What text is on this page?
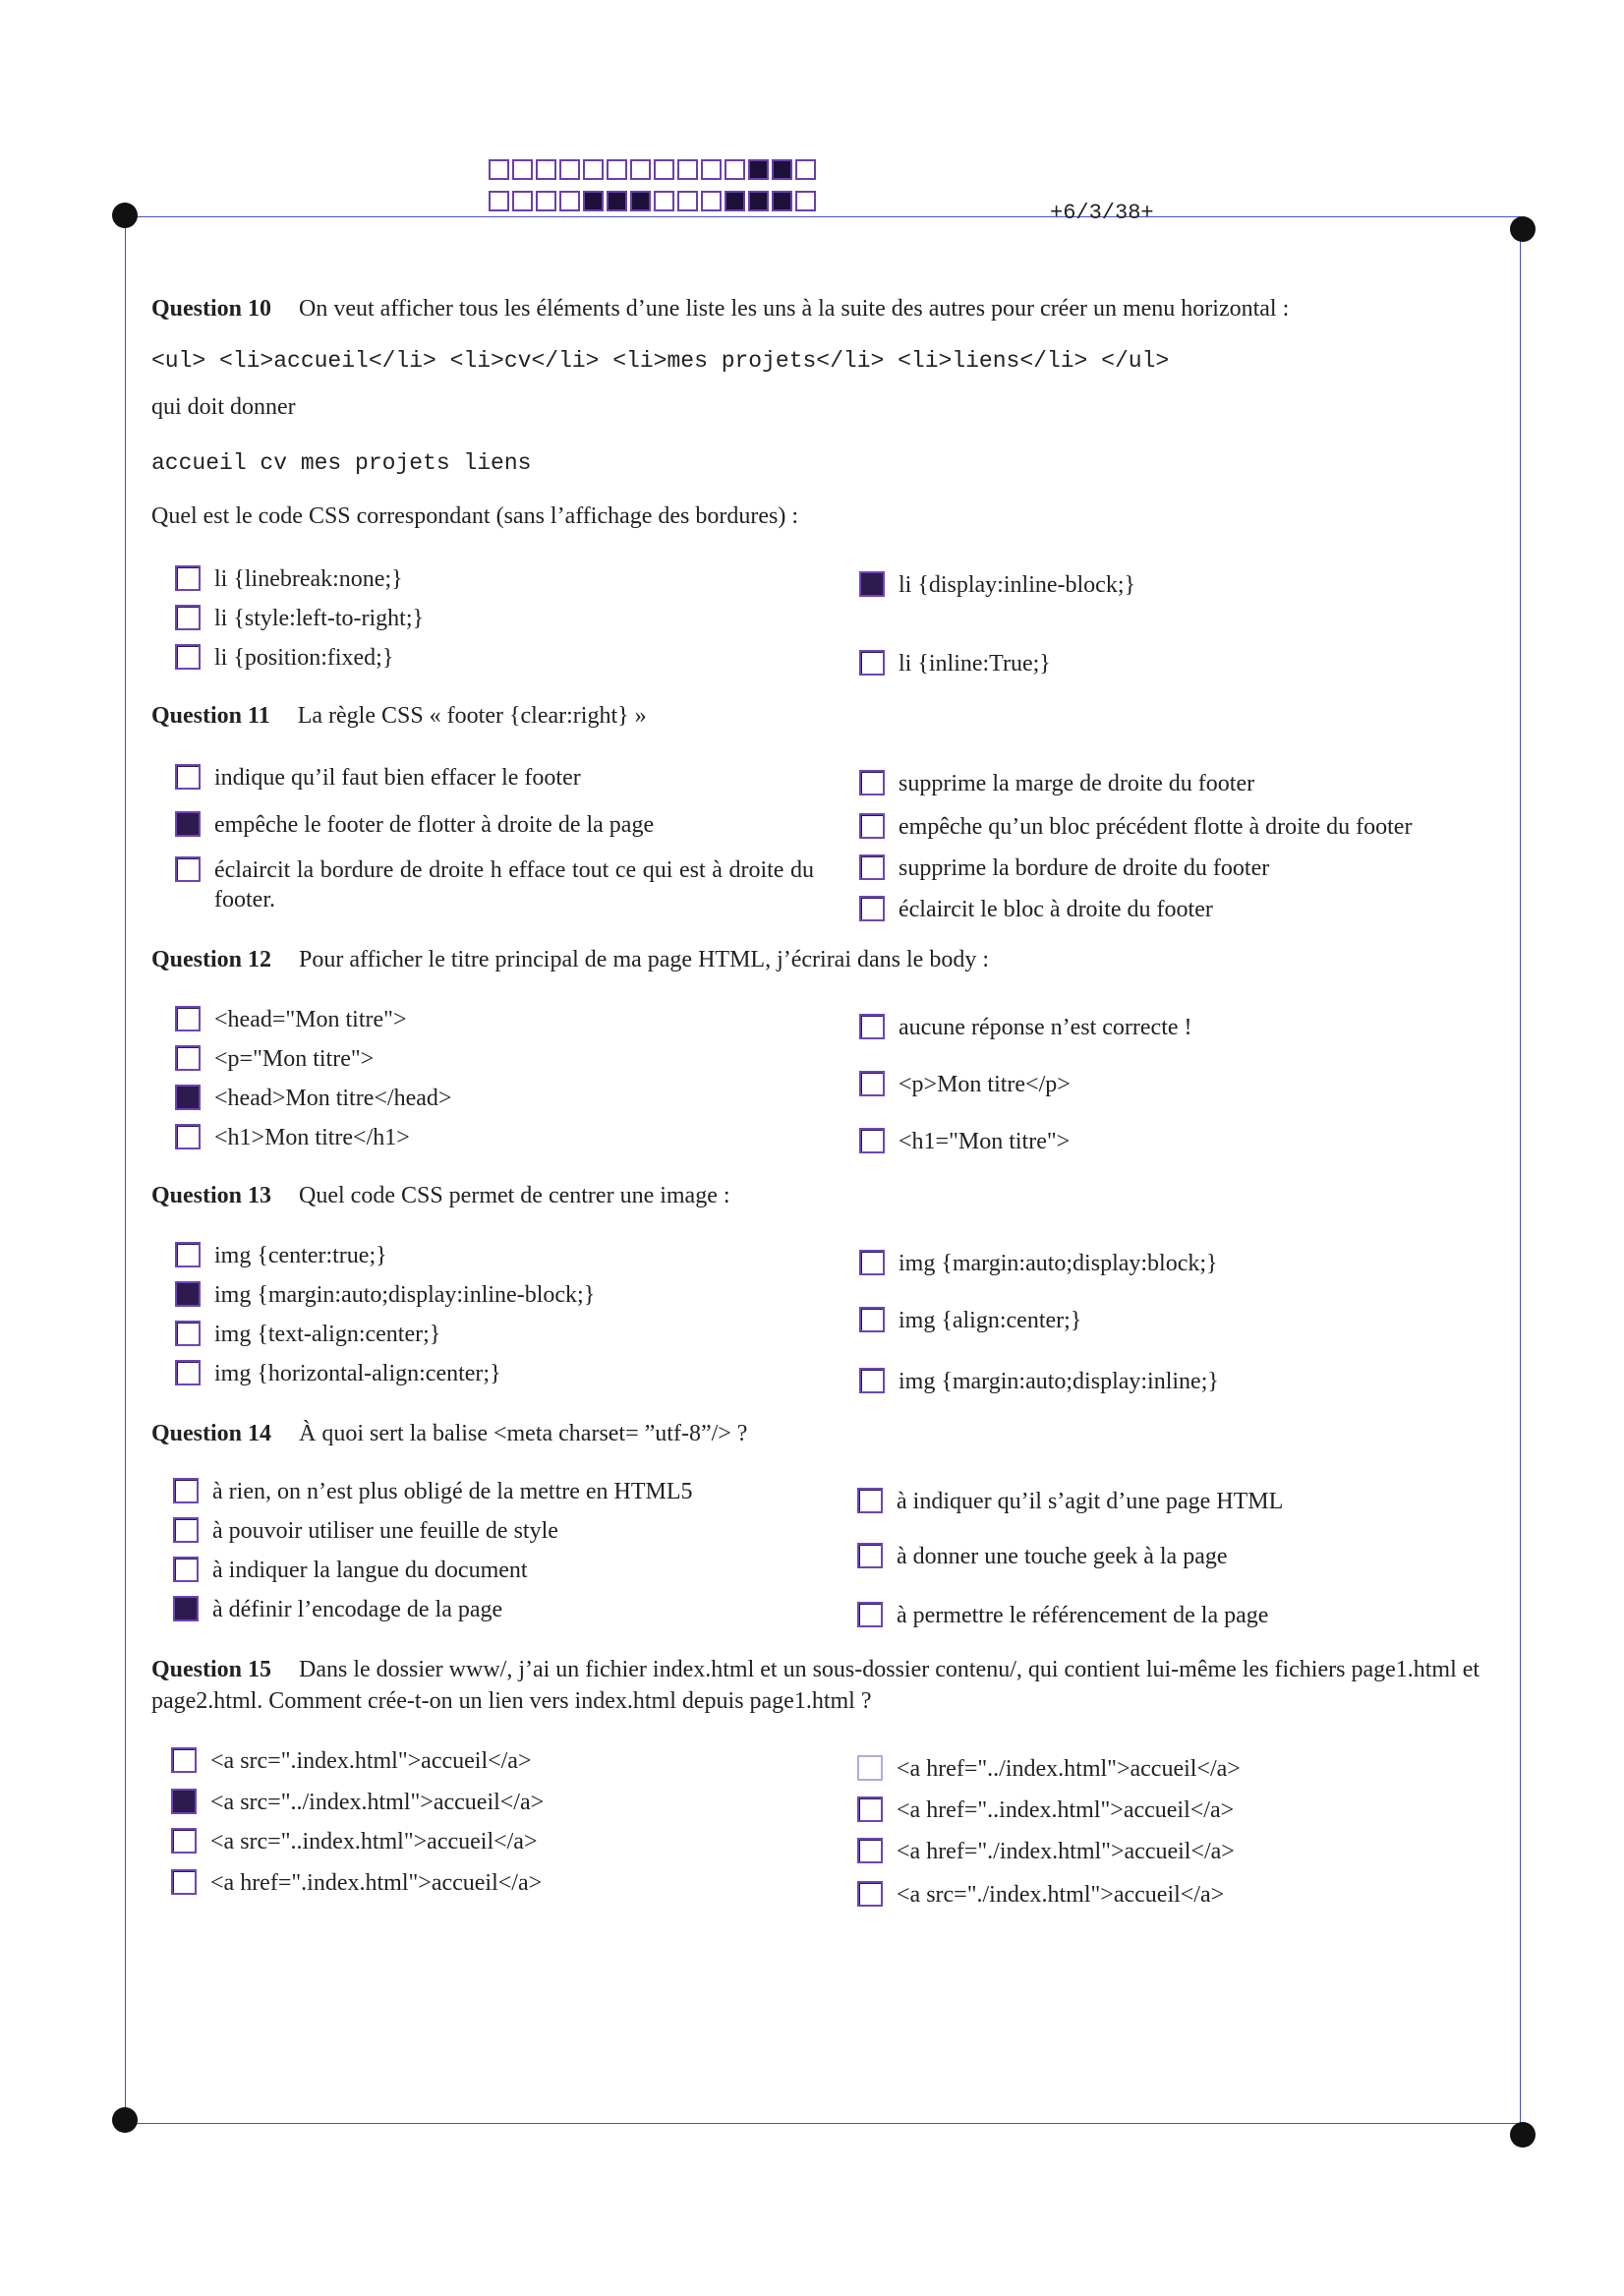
+6/3/38+
Question 10 On veut afficher tous les éléments d’une liste les uns à la suite des autres pour créer un menu horizontal :
<ul> <li>accueil</li> <li>cv</li> <li>mes projets</li> <li>liens</li> </ul>
qui doit donner
accueil cv mes projets liens
Quel est le code CSS correspondant (sans l’affichage des bordures) :
li {linebreak:none;}
li {style:left-to-right;}
li {position:fixed;}
li {display:inline-block;}
li {inline:True;}
Question 11 La règle CSS « footer {clear:right} »
indique qu’il faut bien effacer le footer
empêche le footer de flotter à droite de la page
éclaircit la bordure de droite h efface tout ce qui est à droite du footer.
supprime la marge de droite du footer
empêche qu’un bloc précédent flotte à droite du footer
supprime la bordure de droite du footer
éclaircit le bloc à droite du footer
Question 12 Pour afficher le titre principal de ma page HTML, j’écrirai dans le body :
<head="Mon titre">
<p="Mon titre">
<head>Mon titre</head>
<h1>Mon titre</h1>
aucune réponse n’est correcte !
<p>Mon titre</p>
<h1="Mon titre">
Question 13 Quel code CSS permet de centrer une image :
img {center:true;}
img {margin:auto;display:inline-block;}
img {text-align:center;}
img {horizontal-align:center;}
img {margin:auto;display:block;}
img {align:center;}
img {margin:auto;display:inline;}
Question 14 À quoi sert la balise <meta charset= ”utf-8”/> ?
à rien, on n’est plus obligé de la mettre en HTML5
à pouvoir utiliser une feuille de style
à indiquer la langue du document
à définir l’encodage de la page
à indiquer qu’il s’agit d’une page HTML
à donner une touche geek à la page
à permettre le référencement de la page
Question 15 Dans le dossier www/, j’ai un fichier index.html et un sous-dossier contenu/, qui contient lui-même les fichiers page1.html et page2.html. Comment crée-t-on un lien vers index.html depuis page1.html ?
<a src=".index.html">accueil</a>
<a src="../index.html">accueil</a>
<a src="..index.html">accueil</a>
<a href=".index.html">accueil</a>
<a href="../index.html">accueil</a>
<a href="..index.html">accueil</a>
<a href="./index.html">accueil</a>
<a src="./index.html">accueil</a>
